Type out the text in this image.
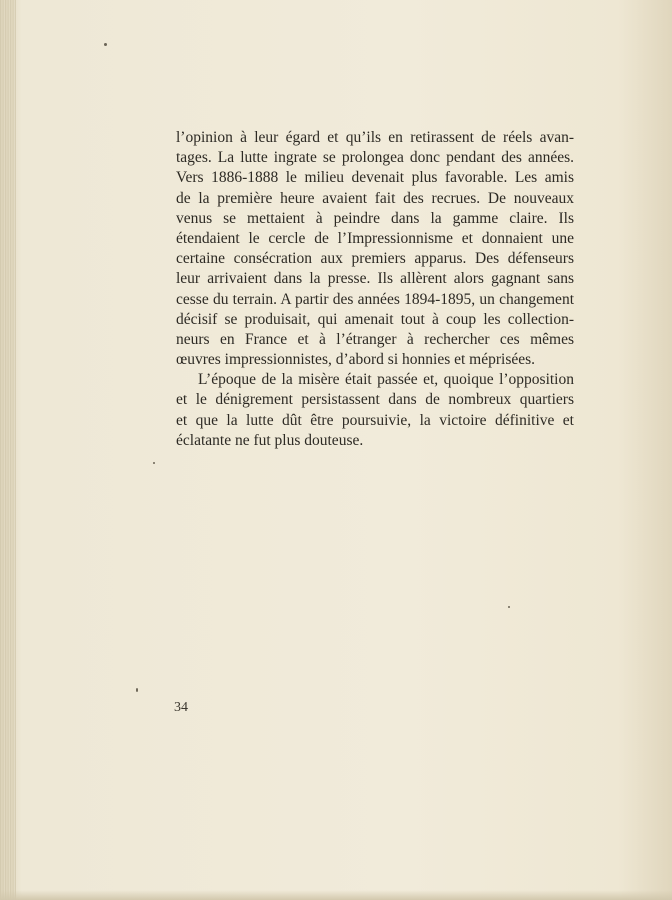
l’opinion à leur égard et qu’ils en retirassent de réels avan-
tages. La lutte ingrate se prolongea donc pendant des années.
Vers 1886-1888 le milieu devenait plus favorable. Les amis
de la première heure avaient fait des recrues. De nouveaux
venus se mettaient à peindre dans la gamme claire. Ils
étendaient le cercle de l’Impressionnisme et donnaient une
certaine consécration aux premiers apparus. Des défenseurs
leur arrivaient dans la presse. Ils allèrent alors gagnant sans
cesse du terrain. A partir des années 1894-1895, un changement
décisif se produisait, qui amenait tout à coup les collection-
neurs en France et à l’étranger à rechercher ces mêmes
œuvres impressionnistes, d’abord si honnies et méprisées.
L’époque de la misère était passée et, quoique l’opposition
et le dénigrement persistassent dans de nombreux quartiers
et que la lutte dût être poursuivie, la victoire définitive et
éclatante ne fut plus douteuse.
34
